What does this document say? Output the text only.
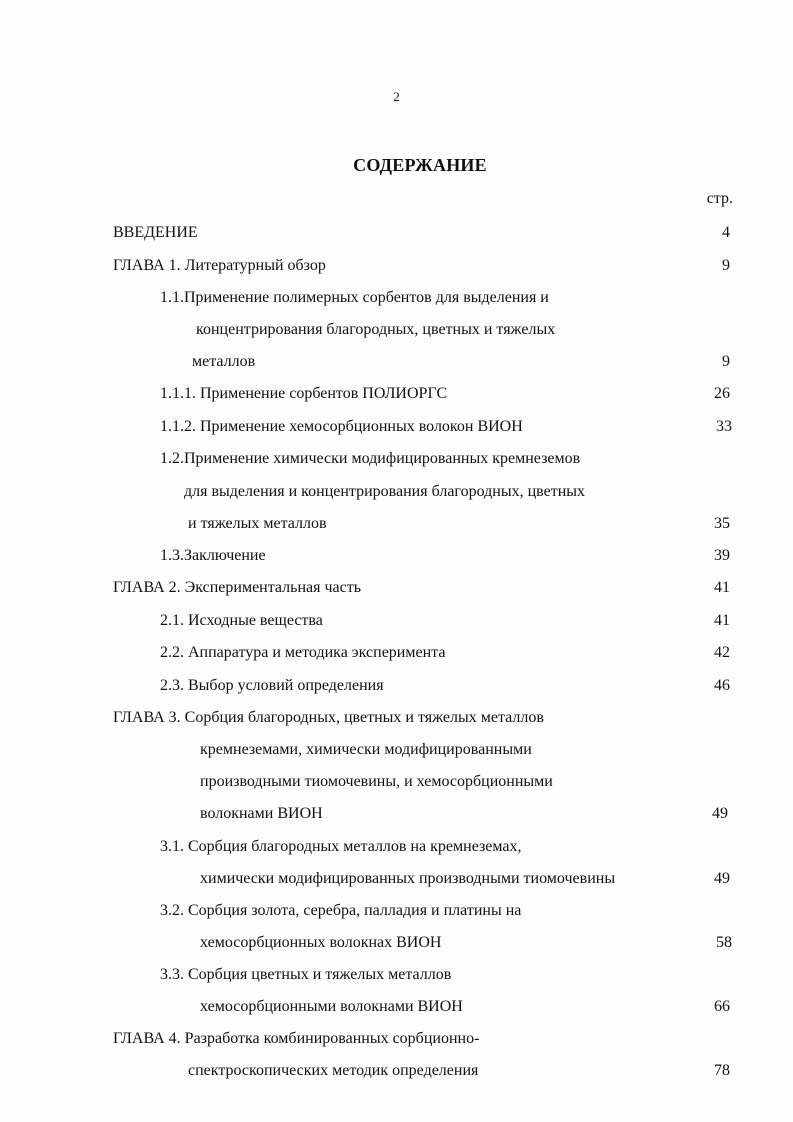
2
СОДЕРЖАНИЕ
стр.
ВВЕДЕНИЕ	4
ГЛАВА 1. Литературный обзор	9
1.1.Применение полимерных сорбентов для выделения и
концентрирования благородных, цветных и тяжелых
металлов	9
1.1.1. Применение сорбентов ПОЛИОРГС	26
1.1.2. Применение хемосорбционных волокон ВИОН	33
1.2.Применение химически модифицированных кремнеземов
для выделения и концентрирования благородных, цветных
и тяжелых металлов	35
1.3.Заключение	39
ГЛАВА 2. Экспериментальная часть	41
2.1. Исходные вещества	41
2.2. Аппаратура и методика эксперимента	42
2.3. Выбор условий определения	46
ГЛАВА 3. Сорбция благородных, цветных и тяжелых металлов
кремнеземами, химически модифицированными
производными тиомочевины, и хемосорбционными
волокнами ВИОН	49
3.1. Сорбция благородных металлов на кремнеземах,
химически модифицированных производными тиомочевины	49
3.2. Сорбция золота, серебра, палладия и платины на
хемосорбционных волокнах ВИОН	58
3.3. Сорбция цветных и тяжелых металлов
хемосорбционными волокнами ВИОН	66
ГЛАВА 4. Разработка комбинированных сорбционно-
спектроскопических методик определения	78
